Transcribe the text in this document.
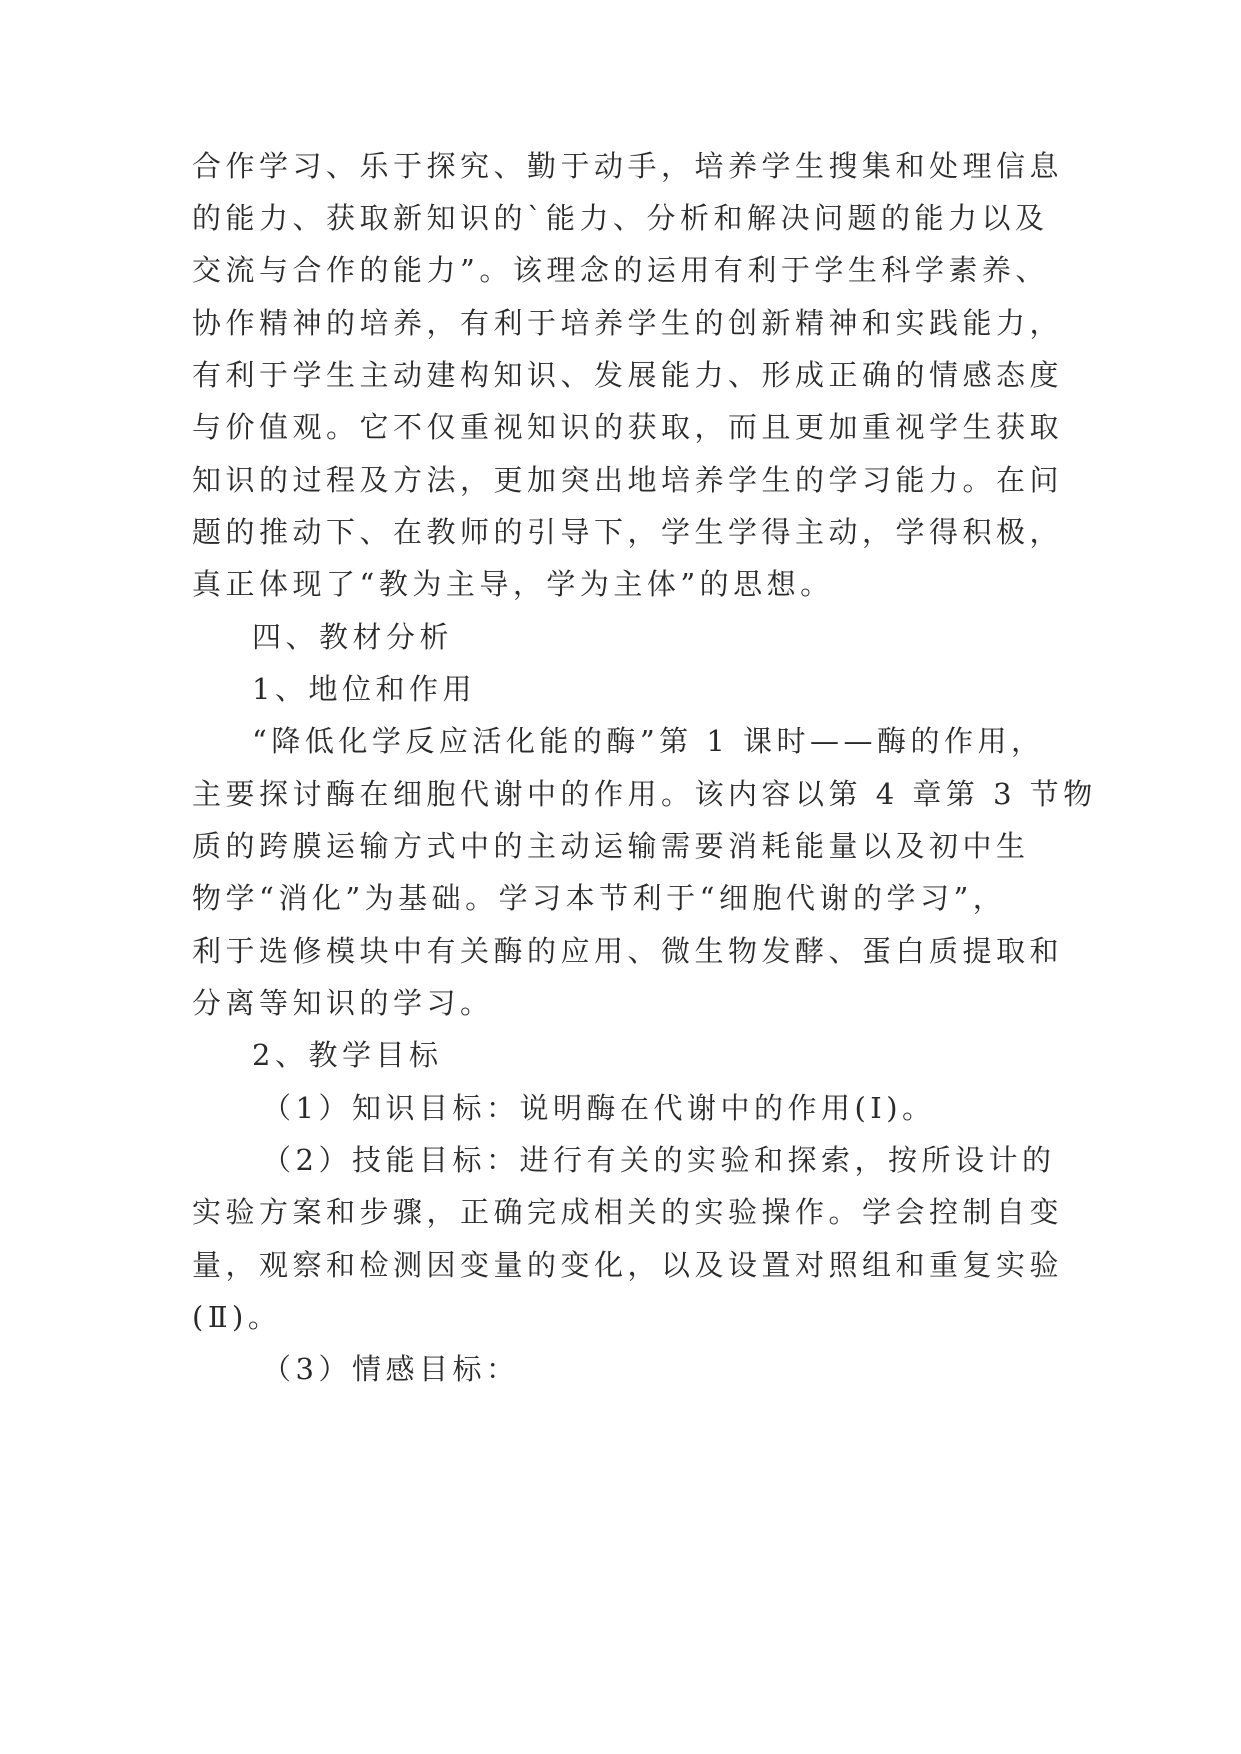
合作学习、乐于探究、勤于动手，培养学生搜集和处理信息
的能力、获取新知识的`能力、分析和解决问题的能力以及
交流与合作的能力”。该理念的运用有利于学生科学素养、
协作精神的培养，有利于培养学生的创新精神和实践能力，
有利于学生主动建构知识、发展能力、形成正确的情感态度
与价值观。它不仅重视知识的获取，而且更加重视学生获取
知识的过程及方法，更加突出地培养学生的学习能力。在问
题的推动下、在教师的引导下，学生学得主动，学得积极，
真正体现了“教为主导，学为主体”的思想。
四、教材分析
1、地位和作用
“降低化学反应活化能的酶”第 1 课时——酶的作用，
主要探讨酶在细胞代谢中的作用。该内容以第 4 章第 3 节物
质的跨膜运输方式中的主动运输需要消耗能量以及初中生
物学“消化”为基础。学习本节利于“细胞代谢的学习”，
利于选修模块中有关酶的应用、微生物发酵、蛋白质提取和
分离等知识的学习。
2、教学目标
（1）知识目标：说明酶在代谢中的作用(Ⅰ)。
（2）技能目标：进行有关的实验和探索，按所设计的
实验方案和步骤，正确完成相关的实验操作。学会控制自变
量，观察和检测因变量的变化，以及设置对照组和重复实验
(Ⅱ)。
（3）情感目标：
